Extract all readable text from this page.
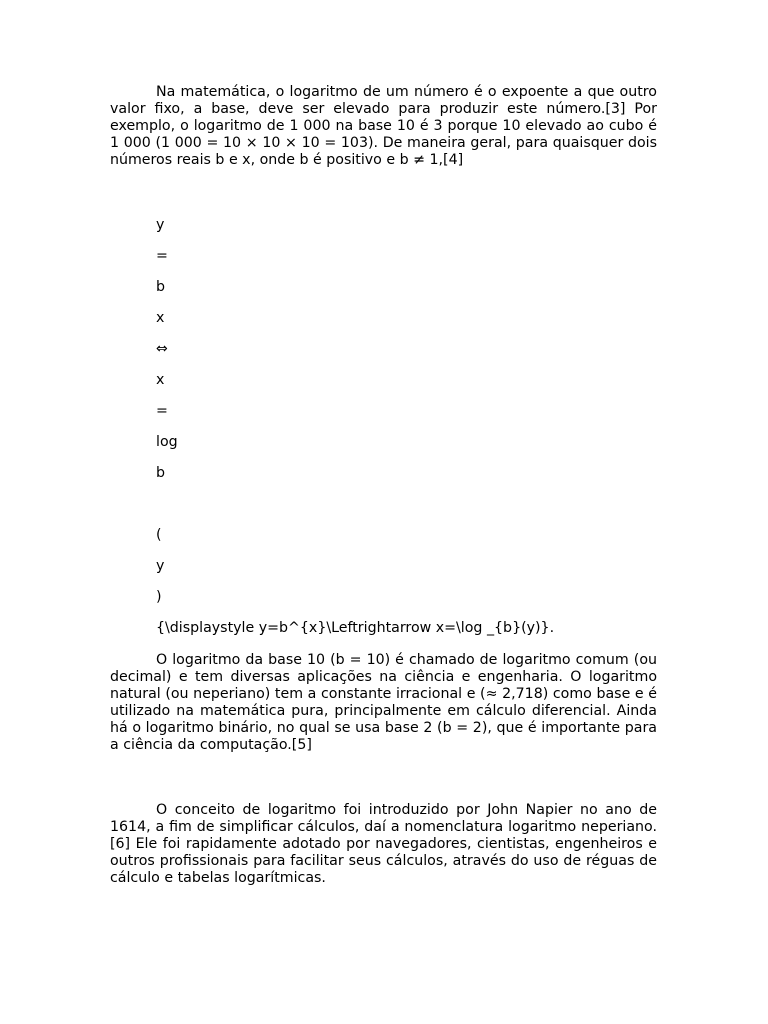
Na matemática, o logaritmo de um número é o expoente a que outro valor fixo, a base, deve ser elevado para produzir este número.[3] Por exemplo, o logaritmo de 1 000 na base 10 é 3 porque 10 elevado ao cubo é 1 000 (1 000 = 10 × 10 × 10 = 103). De maneira geral, para quaisquer dois números reais b e x, onde b é positivo e b ≠ 1,[4]

y
=
b
x
⇔
x
=
log
b
(
y
)
{\displaystyle y=b^{x}\Leftrightarrow x=\log _{b}(y)}.

O logaritmo da base 10 (b = 10) é chamado de logaritmo comum (ou decimal) e tem diversas aplicações na ciência e engenharia. O logaritmo natural (ou neperiano) tem a constante irracional e (≈ 2,718) como base e é utilizado na matemática pura, principalmente em cálculo diferencial. Ainda há o logaritmo binário, no qual se usa base 2 (b = 2), que é importante para a ciência da computação.[5]

O conceito de logaritmo foi introduzido por John Napier no ano de 1614, a fim de simplificar cálculos, daí a nomenclatura logaritmo neperiano.[6] Ele foi rapidamente adotado por navegadores, cientistas, engenheiros e outros profissionais para facilitar seus cálculos, através do uso de réguas de cálculo e tabelas logarítmicas.
